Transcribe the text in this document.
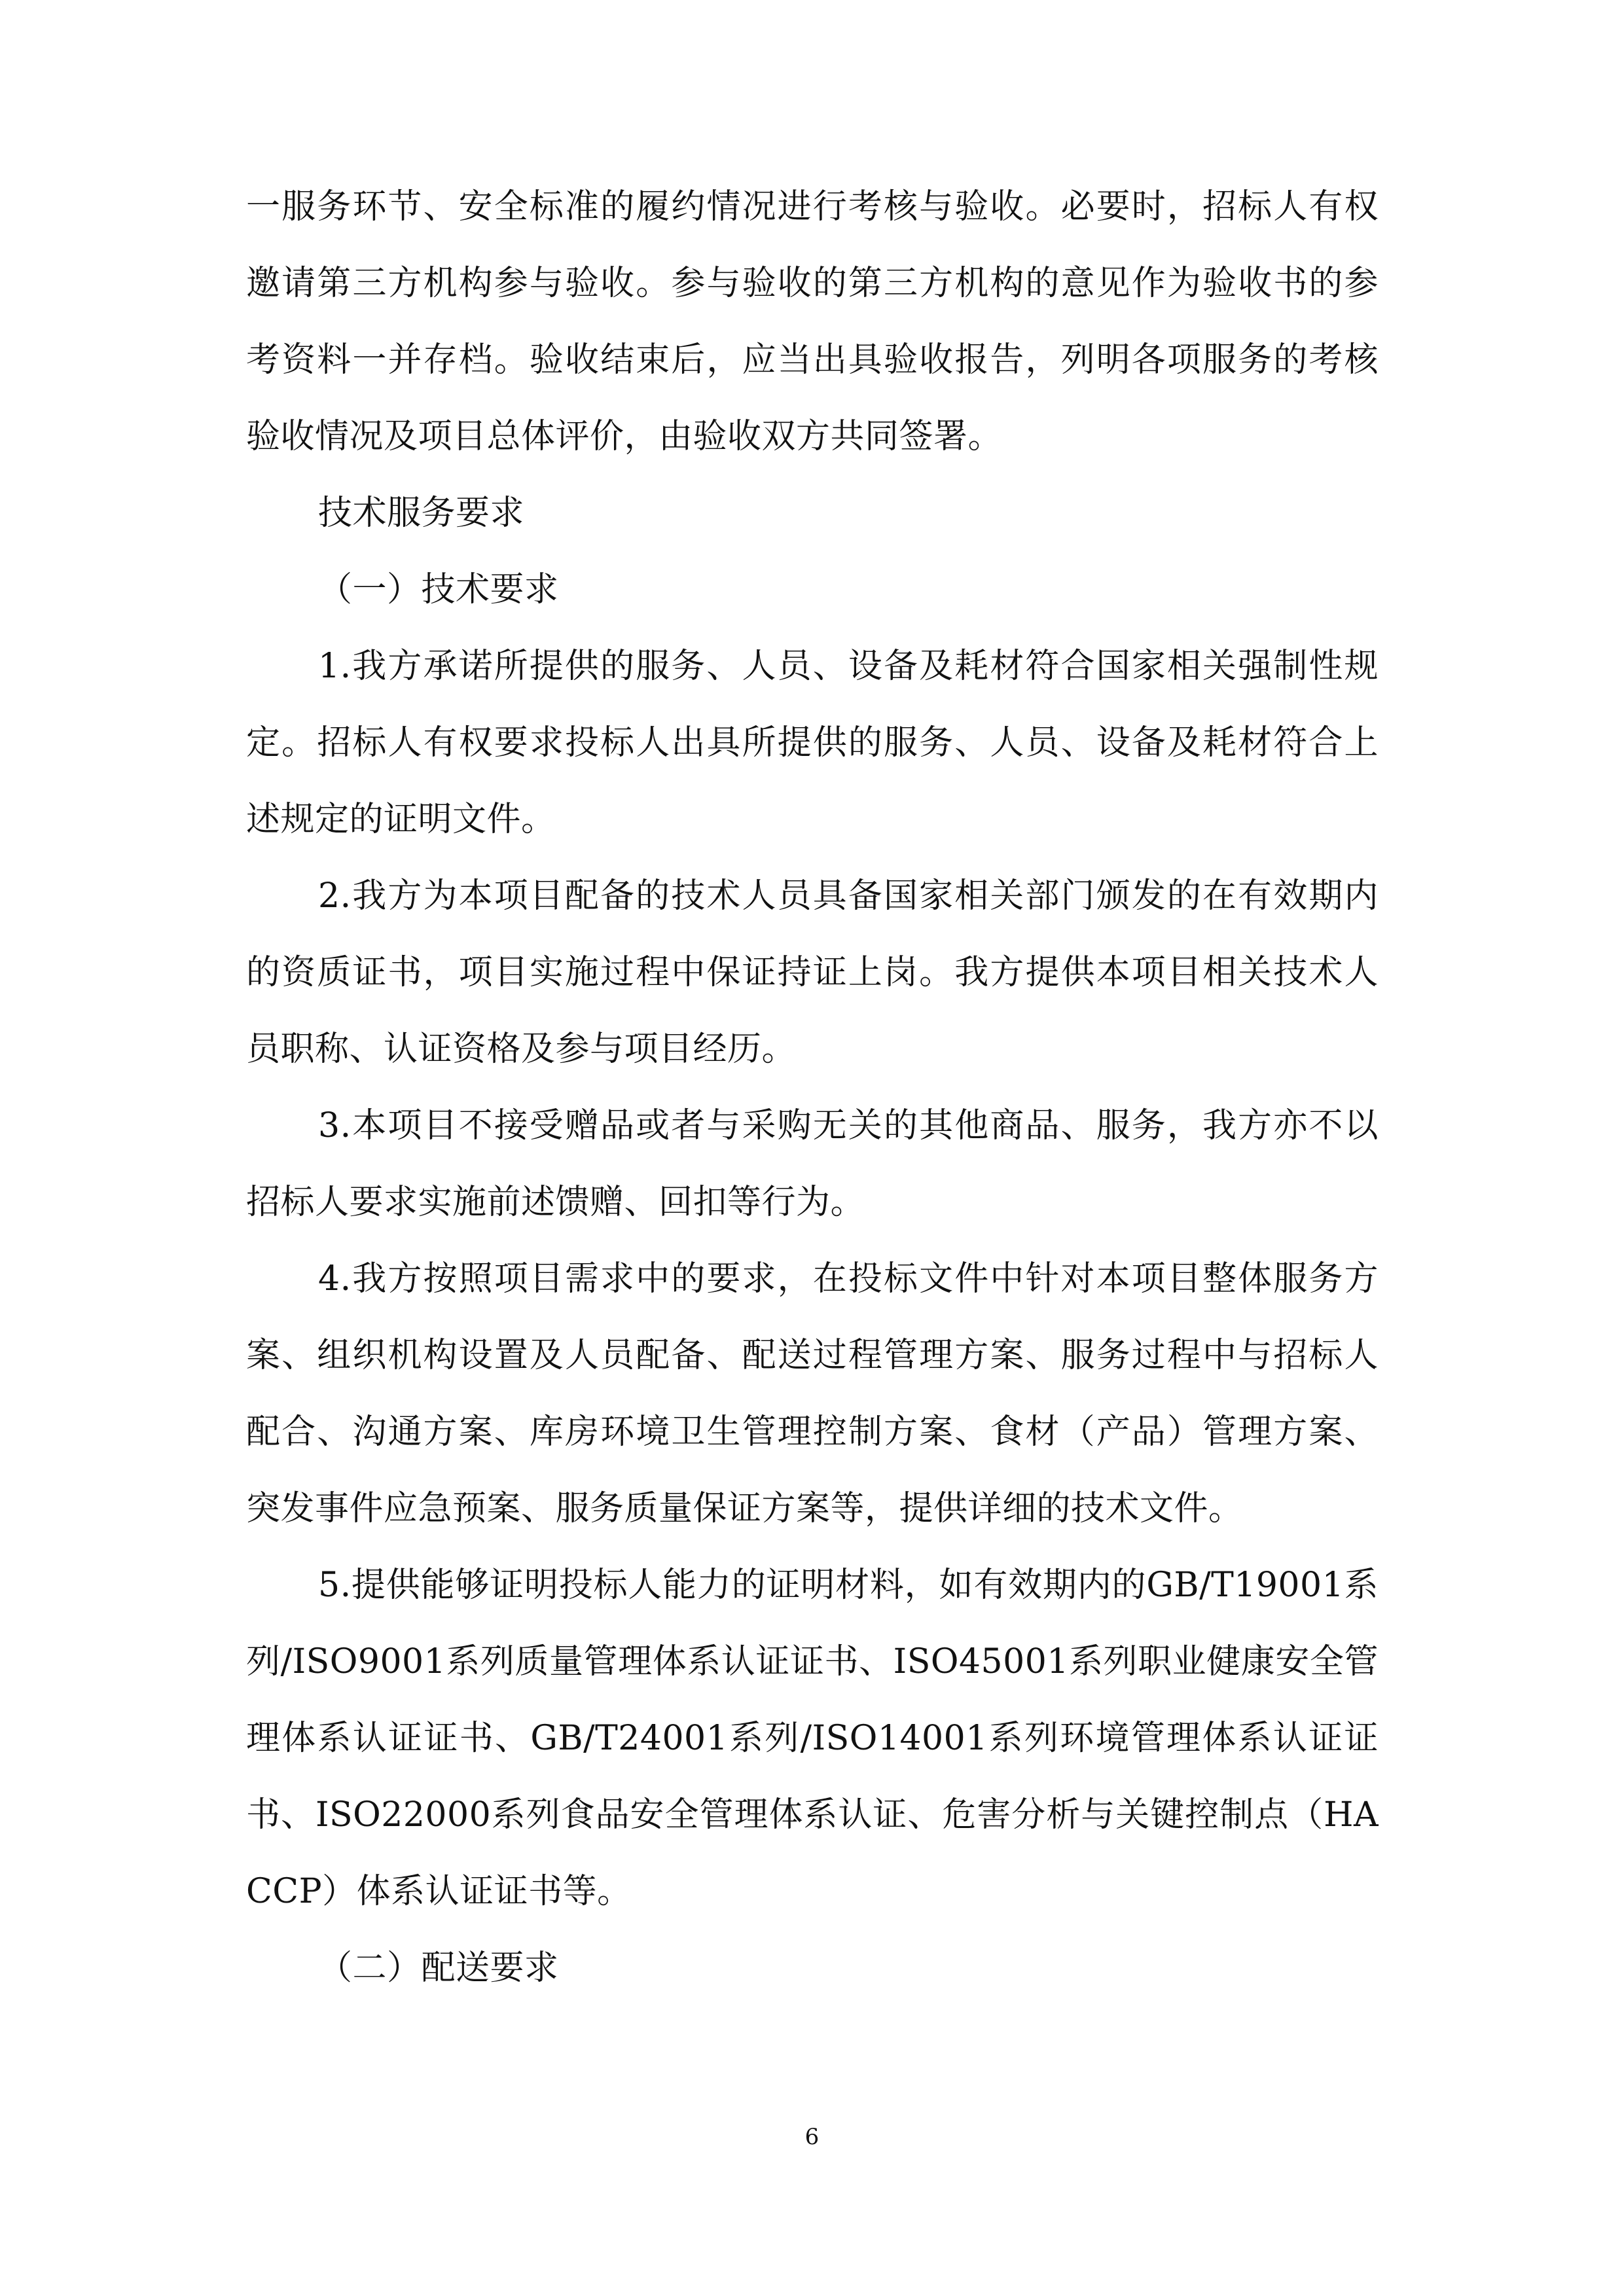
一服务环节、安全标准的履约情况进行考核与验收。必要时，招标人有权邀请第三方机构参与验收。参与验收的第三方机构的意见作为验收书的参考资料一并存档。验收结束后，应当出具验收报告，列明各项服务的考核验收情况及项目总体评价，由验收双方共同签署。

技术服务要求

（一）技术要求

1.我方承诺所提供的服务、人员、设备及耗材符合国家相关强制性规定。招标人有权要求投标人出具所提供的服务、人员、设备及耗材符合上述规定的证明文件。

2.我方为本项目配备的技术人员具备国家相关部门颁发的在有效期内的资质证书，项目实施过程中保证持证上岗。我方提供本项目相关技术人员职称、认证资格及参与项目经历。

3.本项目不接受赠品或者与采购无关的其他商品、服务，我方亦不以招标人要求实施前述馈赠、回扣等行为。

4.我方按照项目需求中的要求，在投标文件中针对本项目整体服务方案、组织机构设置及人员配备、配送过程管理方案、服务过程中与招标人配合、沟通方案、库房环境卫生管理控制方案、食材（产品）管理方案、突发事件应急预案、服务质量保证方案等，提供详细的技术文件。

5.提供能够证明投标人能力的证明材料，如有效期内的GB/T19001系列/ISO9001系列质量管理体系认证证书、ISO45001系列职业健康安全管理体系认证证书、GB/T24001系列/ISO14001系列环境管理体系认证证书、ISO22000系列食品安全管理体系认证、危害分析与关键控制点（HACCP）体系认证证书等。

（二）配送要求

6
